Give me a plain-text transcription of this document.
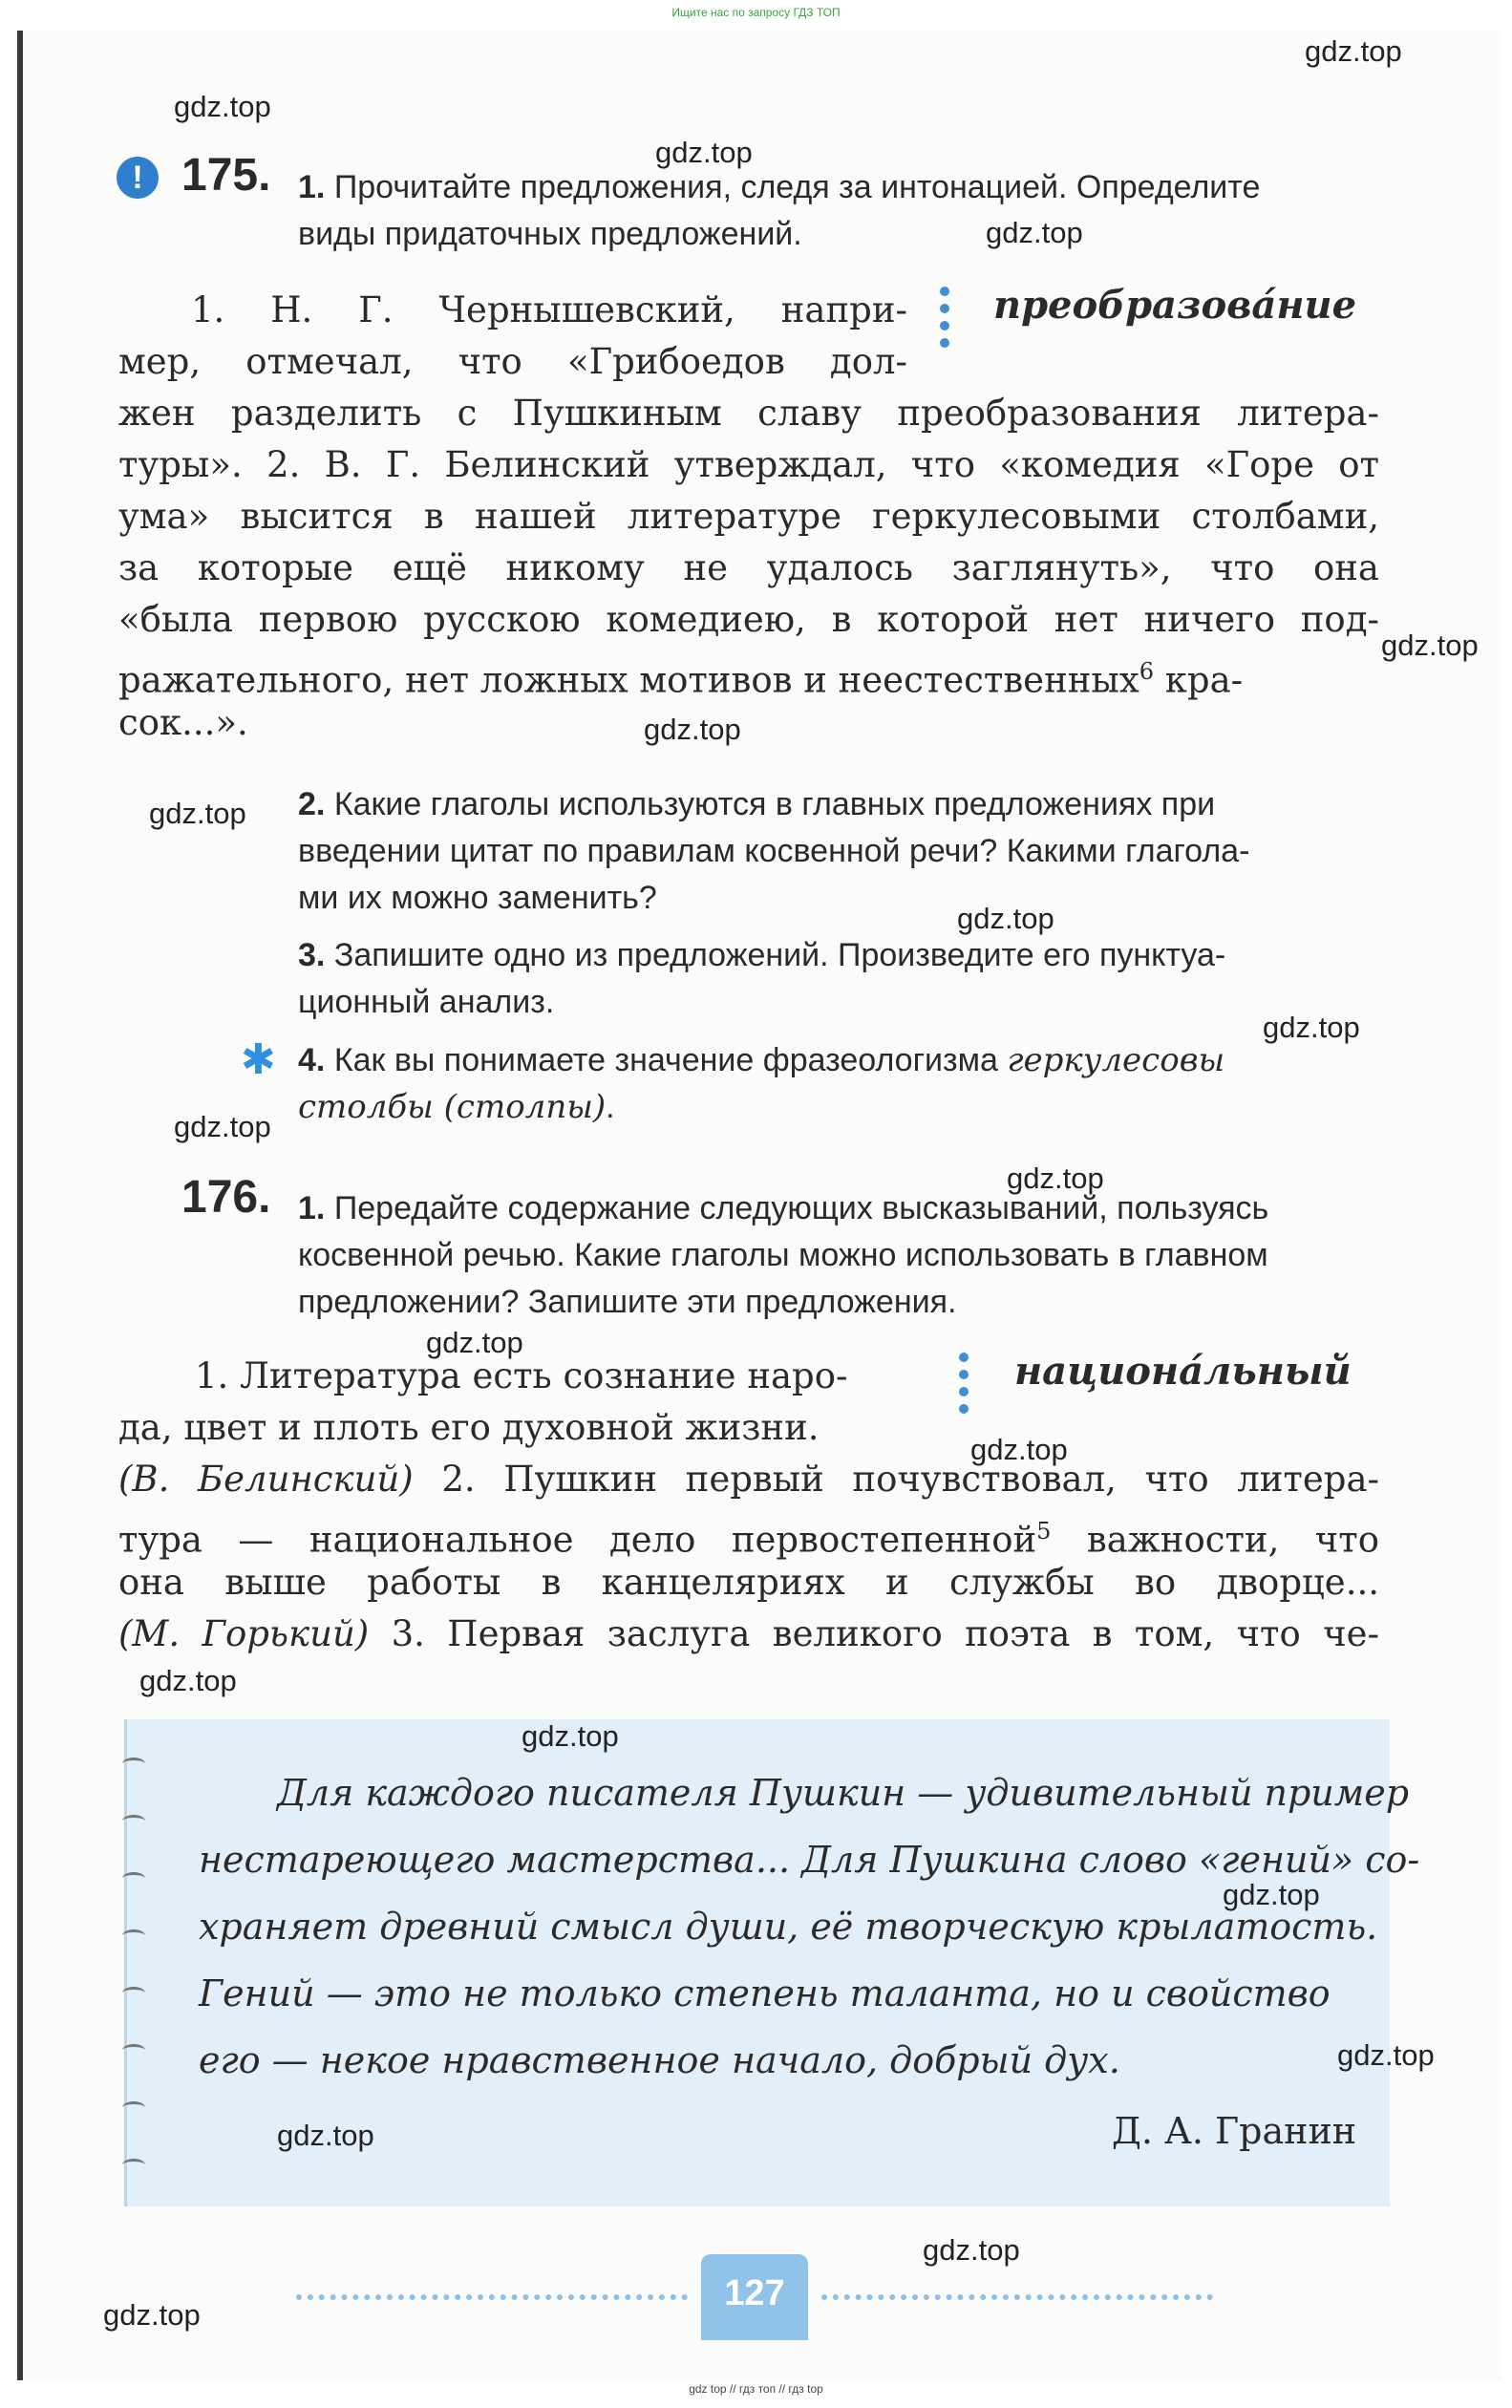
Ищите нас по запросу ГДЗ ТОП
! 175. 1. Прочитайте предложения, следя за интонацией. Определите
виды придаточных предложений.
преобразова́ние
1. Н. Г. Чернышевский, напри-
мер, отмечал, что «Грибоедов дол-
жен разделить с Пушкиным славу преобразования литера-
туры». 2. В. Г. Белинский утверждал, что «комедия «Горе от
ума» высится в нашей литературе геркулесовыми столбами,
за которые ещё никому не удалось заглянуть», что она
«была первою русскою комедиею, в которой нет ничего под-
ражательного, нет ложных мотивов и неестественных$^6$ кра-
сок...».
2. Какие глаголы используются в главных предложениях при
введении цитат по правилам косвенной речи? Какими глагола-
ми их можно заменить?
3. Запишите одно из предложений. Произведите его пунктуа-
ционный анализ.
✱ 4. Как вы понимаете значение фразеологизма геркулесовы
столбы (столпы).
176. 1. Передайте содержание следующих высказываний, пользуясь
косвенной речью. Какие глаголы можно использовать в главном
предложении? Запишите эти предложения.
национа́льный
1. Литература есть сознание наро-
да, цвет и плоть его духовной жизни.
(В. Белинский) 2. Пушкин первый почувствовал, что литера-
тура — национальное дело первостепенной$^5$ важности, что
она выше работы в канцеляриях и службы во дворце...
(М. Горький) 3. Первая заслуга великого поэта в том, что че-
Для каждого писателя Пушкин — удивительный пример
нестареющего мастерства... Для Пушкина слово «гений» со-
храняет древний смысл души, её творческую крылатость.
Гений — это не только степень таланта, но и свойство
его — некое нравственное начало, добрый дух.
Д. А. Гранин
127
gdz top // гдз топ // гдз top
gdz.top
gdz.top
gdz.top
gdz.top
gdz.top
gdz.top
gdz.top
gdz.top
gdz.top
gdz.top
gdz.top
gdz.top
gdz.top
gdz.top
gdz.top
gdz.top
gdz.top
gdz.top
gdz.top
gdz.top
